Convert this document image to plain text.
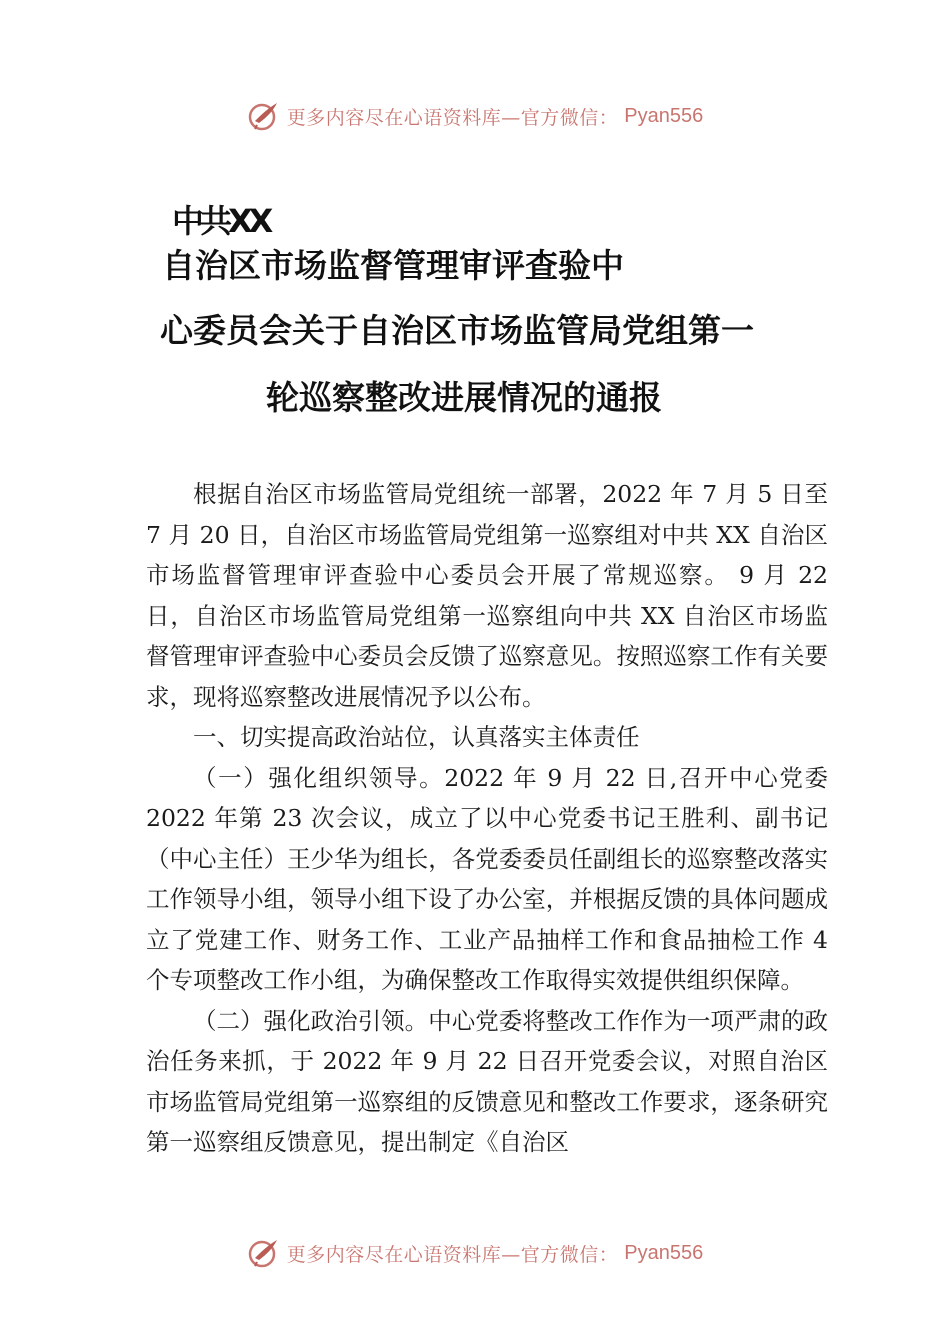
更多内容尽在心语资料库—官方微信： Pyan556
中共XX
自治区市场监督管理审评查验中
心委员会关于自治区市场监管局党组第一
轮巡察整改进展情况的通报

根据自治区市场监管局党组统一部署，2022 年 7 月 5 日至 7 月 20 日，自治区市场监管局党组第一巡察组对中共 XX 自治区市场监督管理审评查验中心委员会开展了常规巡察。 9 月 22 日，自治区市场监管局党组第一巡察组向中共 XX 自治区市场监督管理审评查验中心委员会反馈了巡察意见。按照巡察工作有关要求，现将巡察整改进展情况予以公布。

一、切实提高政治站位，认真落实主体责任

（一）强化组织领导。2022 年 9 月 22 日,召开中心党委 2022 年第 23 次会议，成立了以中心党委书记王胜利、副书记（中心主任）王少华为组长，各党委委员任副组长的巡察整改落实工作领导小组，领导小组下设了办公室，并根据反馈的具体问题成立了党建工作、财务工作、工业产品抽样工作和食品抽检工作 4 个专项整改工作小组，为确保整改工作取得实效提供组织保障。

（二）强化政治引领。中心党委将整改工作作为一项严肃的政治任务来抓，于 2022 年 9 月 22 日召开党委会议，对照自治区市场监管局党组第一巡察组的反馈意见和整改工作要求，逐条研究第一巡察组反馈意见，提出制定《自治区

更多内容尽在心语资料库—官方微信： Pyan556
